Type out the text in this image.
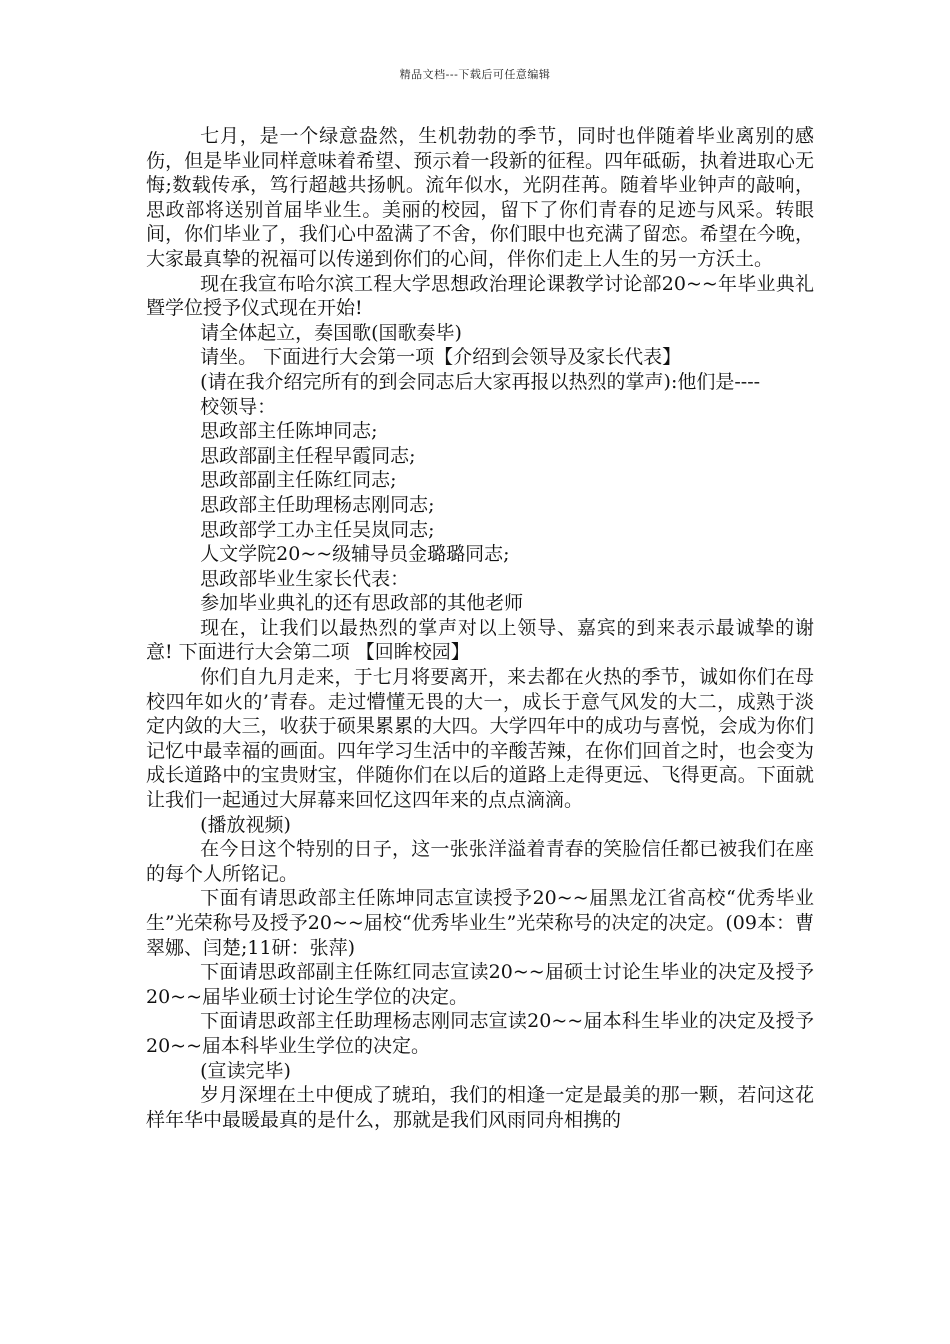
精品文档---下载后可任意编辑

七月，是一个绿意盎然，生机勃勃的季节，同时也伴随着毕业离别的感伤，但是毕业同样意味着希望、预示着一段新的征程。四年砥砺，执着进取心无悔;数载传承，笃行超越共扬帆。流年似水，光阴荏苒。随着毕业钟声的敲响，思政部将送别首届毕业生。美丽的校园，留下了你们青春的足迹与风采。转眼间，你们毕业了，我们心中盈满了不舍，你们眼中也充满了留恋。希望在今晚，大家最真挚的祝福可以传递到你们的心间，伴你们走上人生的另一方沃土。

现在我宣布哈尔滨工程大学思想政治理论课教学讨论部20~~年毕业典礼暨学位授予仪式现在开始!

请全体起立，奏国歌(国歌奏毕)

请坐。 下面进行大会第一项【介绍到会领导及家长代表】

(请在我介绍完所有的到会同志后大家再报以热烈的掌声):他们是----

校领导：

思政部主任陈坤同志;

思政部副主任程早霞同志;

思政部副主任陈红同志;

思政部主任助理杨志刚同志;

思政部学工办主任吴岚同志;

人文学院20~~级辅导员金璐璐同志;

思政部毕业生家长代表：

参加毕业典礼的还有思政部的其他老师

现在，让我们以最热烈的掌声对以上领导、嘉宾的到来表示最诚挚的谢意! 下面进行大会第二项 【回眸校园】

你们自九月走来，于七月将要离开，来去都在火热的季节，诚如你们在母校四年如火的’青春。走过懵懂无畏的大一，成长于意气风发的大二，成熟于淡定内敛的大三，收获于硕果累累的大四。大学四年中的成功与喜悦，会成为你们记忆中最幸福的画面。四年学习生活中的辛酸苦辣，在你们回首之时，也会变为成长道路中的宝贵财宝，伴随你们在以后的道路上走得更远、飞得更高。下面就让我们一起通过大屏幕来回忆这四年来的点点滴滴。

(播放视频)

在今日这个特别的日子，这一张张洋溢着青春的笑脸信任都已被我们在座的每个人所铭记。

下面有请思政部主任陈坤同志宣读授予20~~届黑龙江省高校“优秀毕业生”光荣称号及授予20~~届校“优秀毕业生”光荣称号的决定的决定。(09本：曹翠娜、闫楚;11研：张萍)

下面请思政部副主任陈红同志宣读20~~届硕士讨论生毕业的决定及授予20~~届毕业硕士讨论生学位的决定。

下面请思政部主任助理杨志刚同志宣读20~~届本科生毕业的决定及授予20~~届本科毕业生学位的决定。

(宣读完毕)

岁月深埋在土中便成了琥珀，我们的相逢一定是最美的那一颗，若问这花样年华中最暖最真的是什么，那就是我们风雨同舟相携的
